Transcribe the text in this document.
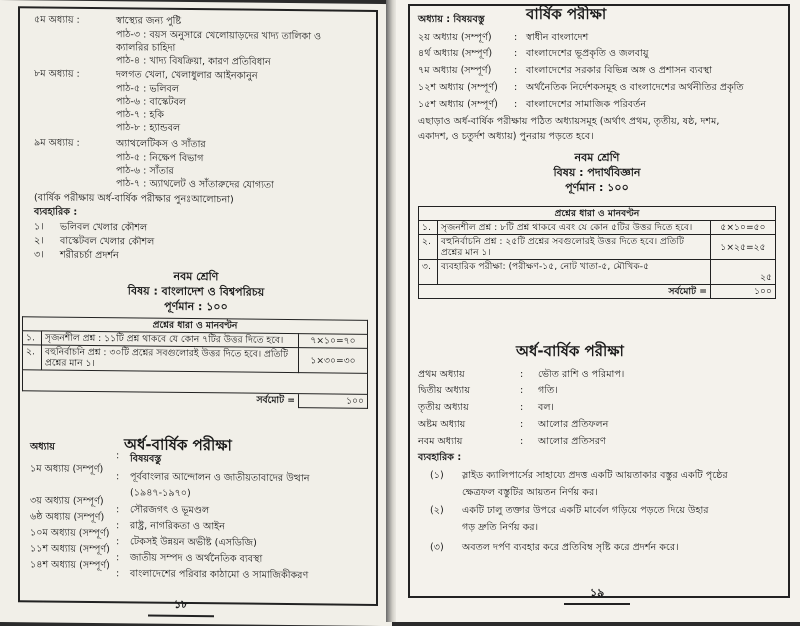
৫ম অধ্যায় :	স্বাস্থ্যের জন্য পুষ্টি
পাঠ-৩ : বয়স অনুসারে খেলোয়াড়দের খাদ্য তালিকা ও
ক্যালরির চাহিদা
পাঠ-৪ : খাদ্য বিষক্রিয়া, কারণ প্রতিবিধান
৮ম অধ্যায় :	দলগত খেলা, খেলাধুলার আইনকানুন
পাঠ-৫ : ভলিবল
পাঠ-৬ : বাস্কেটবল
পাঠ-৭ : হকি
পাঠ-৮ : হ্যান্ডবল
৯ম অধ্যায় :	অ্যাথলেটিকস ও সাঁতার
পাঠ-৫ : নিক্ষেপ বিভাগ
পাঠ-৬ : সাঁতার
পাঠ-৭ : অ্যাথলেট ও সাঁতারুদের যোগ্যতা
(বার্ষিক পরীক্ষায় অর্ধ-বার্ষিক পরীক্ষার পুনঃআলোচনা)
ব্যবহারিক :
১। ভলিবল খেলার কৌশল
২। বাস্কেটবল খেলার কৌশল
৩। শরীরচর্চা প্রদর্শন
নবম শ্রেণি
বিষয় : বাংলাদেশ ও বিশ্বপরিচয়
পূর্ণমান : ১০০
প্রশ্নের ধারা ও মানবণ্টন		
১.	সৃজনশীল প্রশ্ন : ১১টি প্রশ্ন থাকবে যে কোন ৭টির উত্তর দিতে হবে।	৭×১০=৭০
২.	বহুনির্বাচনি প্রশ্ন : ৩০টি প্রশ্নের সবগুলোরই উত্তর দিতে হবে। প্রতিটি প্রশ্নের মান ১।	১×৩০=৩০

সর্বমোট =		১০০
অর্ধ-বার্ষিক পরীক্ষা
অধ্যায়
: বিষয়বস্তু
১ম অধ্যায় (সম্পূর্ণ)
: পূর্ববাংলার আন্দোলন ও জাতীয়তাবাদের উত্থান
(১৯৪৭-১৯৭০)
৩য় অধ্যায় (সম্পূর্ণ)
: সৌরজগৎ ও ভূমণ্ডল
৬ষ্ঠ অধ্যায় (সম্পূর্ণ)
: রাষ্ট্র, নাগরিকতা ও আইন
১০ম অধ্যায় (সম্পূর্ণ)
: টেকসই উন্নয়ন অভীষ্ট (এসডিজি)
১১শ অধ্যায় (সম্পূর্ণ)
: জাতীয় সম্পদ ও অর্থনৈতিক ব্যবস্থা
১৪শ অধ্যায় (সম্পূর্ণ)
: বাংলাদেশের পরিবার কাঠামো ও সামাজিকীকরণ
১৮
বার্ষিক পরীক্ষা
অধ্যায় : বিষয়বস্তু
২য় অধ্যায় (সম্পূর্ণ) : স্বাধীন বাংলাদেশ
৪র্থ অধ্যায় (সম্পূর্ণ) : বাংলাদেশের ভূপ্রকৃতি ও জলবায়ু
৭ম অধ্যায় (সম্পূর্ণ) : বাংলাদেশের সরকার বিভিন্ন অঙ্গ ও প্রশাসন ব্যবস্থা
১২শ অধ্যায় (সম্পূর্ণ) : অর্থনৈতিক নির্দেশকসমূহ ও বাংলাদেশের অর্থনীতির প্রকৃতি
১৫শ অধ্যায় (সম্পূর্ণ) : বাংলাদেশের সামাজিক পরিবর্তন
এছাড়াও অর্ধ-বার্ষিক পরীক্ষায় পঠিত অধ্যায়সমূহ (অর্থাৎ প্রথম, তৃতীয়, ষষ্ঠ, দশম,
একাদশ, ও চতুর্দশ অধ্যায়) পুনরায় পড়তে হবে।
নবম শ্রেণি
বিষয় : পদার্থবিজ্ঞান
পূর্ণমান : ১০০
প্রশ্নের ধারা ও মানবণ্টন		
১.	সৃজনশীল প্রশ্ন : ৮টি প্রশ্ন থাকবে এবং যে কোন ৫টির উত্তর দিতে হবে।	৫×১০=৫০
২.	বহুনির্বাচনি প্রশ্ন : ২৫টি প্রশ্নের সবগুলোরই উত্তর দিতে হবে। প্রতিটি প্রশ্নের মান ১।	১×২৫=২৫
৩.	ব্যবহারিক পরীক্ষা: (পরীক্ষণ-১৫, নোট খাতা-৫, মৌখিক-৫	২৫
সর্বমোট =		১০০
অর্ধ-বার্ষিক পরীক্ষা
প্রথম অধ্যায়	: ভৌত রাশি ও পরিমাপ।
দ্বিতীয় অধ্যায়	: গতি।
তৃতীয় অধ্যায়	: বল।
অষ্টম অধ্যায়	: আলোর প্রতিফলন
নবম অধ্যায়	: আলোর প্রতিসরণ
ব্যবহারিক :
(১) স্লাইড ক্যালিপার্সের সাহায্যে প্রদত্ত একটি আয়তাকার বস্তুর একটি পৃষ্ঠের
ক্ষেত্রফল বস্তুটির আয়তন নির্ণয় কর।
(২) একটি ঢালু তক্তার উপরে একটি মার্বেল গড়িয়ে পড়তে দিয়ে উহার
গড় দ্রুতি নির্ণয় কর।
(৩) অবতল দর্পণ ব্যবহার করে প্রতিবিম্ব সৃষ্টি করে প্রদর্শন করে।
১৯
